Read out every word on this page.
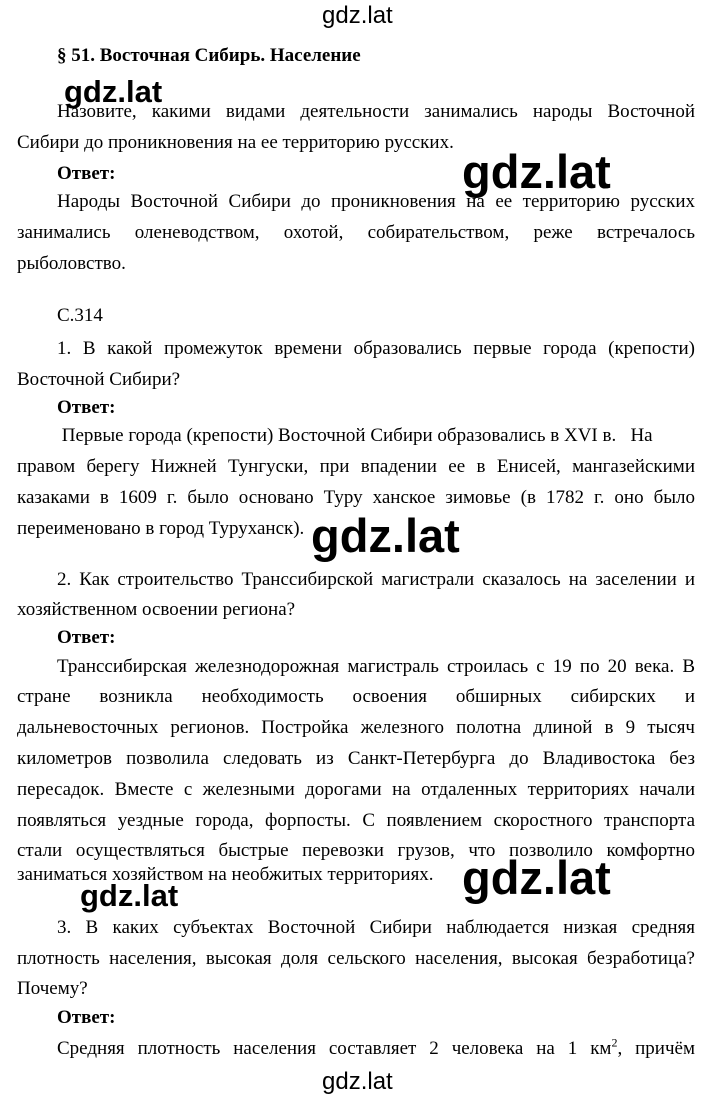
gdz.lat
gdz.lat
gdz.lat
gdz.lat
gdz.lat
gdz.lat
gdz.lat
§ 51. Восточная Сибирь. Население
Назовите, какими видами деятельности занимались народы Восточной
Сибири до проникновения на ее территорию русских.
Ответ:
Народы Восточной Сибири до проникновения на ее территорию русских
занимались оленеводством, охотой, собирательством, реже встречалось
рыболовство.
С.314
1. В какой промежуток времени образовались первые города (крепости)
Восточной Сибири?
Ответ:
Первые города (крепости) Восточной Сибири образовались в XVI в.   На
правом берегу Нижней Тунгуски, при впадении ее в Енисей, мангазейскими
казаками в 1609 г. было основано Туру ханское зимовье (в 1782 г. оно было
переименовано в город Туруханск).
2. Как строительство Транссибирской магистрали сказалось на заселении и
хозяйственном освоении региона?
Ответ:
Транссибирская железнодорожная магистраль строилась с 19 по 20 века. В
стране возникла необходимость освоения обширных сибирских и
дальневосточных регионов. Постройка железного полотна длиной в 9 тысяч
километров позволила следовать из Санкт-Петербурга до Владивостока без
пересадок. Вместе с железными дорогами на отдаленных территориях начали
появляться уездные города, форпосты. С появлением скоростного транспорта
стали осуществляться быстрые перевозки грузов, что позволило комфортно
заниматься хозяйством на необжитых территориях.
3. В каких субъектах Восточной Сибири наблюдается низкая средняя
плотность населения, высокая доля сельского населения, высокая безработица?
Почему?
Ответ:
Средняя плотность населения составляет 2 человека на 1 $км^2$, причём
